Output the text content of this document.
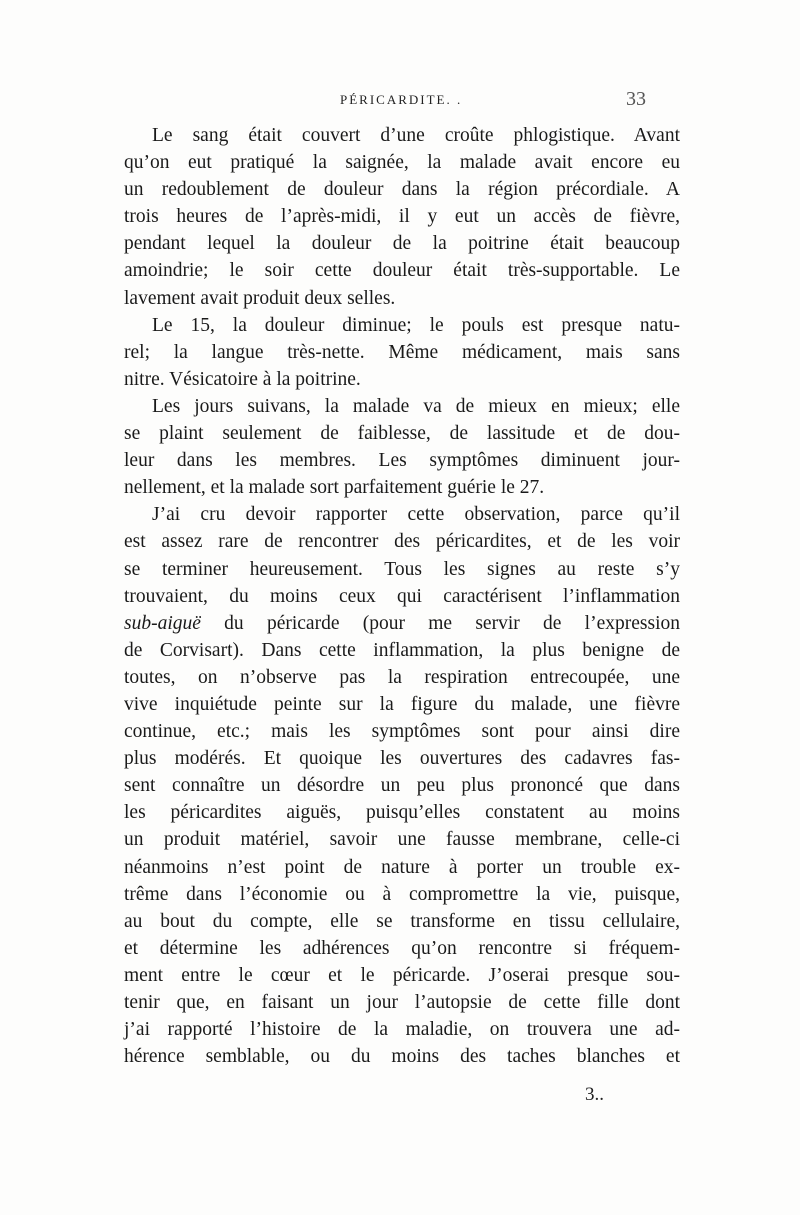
PÉRICARDITE. .	33
Le sang était couvert d’une croûte phlogistique. Avant
qu’on eut pratiqué la saignée, la malade avait encore eu
un redoublement de douleur dans la région précordiale. A
trois heures de l’après-midi, il y eut un accès de fièvre,
pendant lequel la douleur de la poitrine était beaucoup
amoindrie; le soir cette douleur était très-supportable. Le
lavement avait produit deux selles.
Le 15, la douleur diminue; le pouls est presque natu-
rel; la langue très-nette. Même médicament, mais sans
nitre. Vésicatoire à la poitrine.
Les jours suivans, la malade va de mieux en mieux; elle
se plaint seulement de faiblesse, de lassitude et de dou-
leur dans les membres. Les symptômes diminuent jour-
nellement, et la malade sort parfaitement guérie le 27.
J’ai cru devoir rapporter cette observation, parce qu’il
est assez rare de rencontrer des péricardites, et de les voir
se terminer heureusement. Tous les signes au reste s’y
trouvaient, du moins ceux qui caractérisent l’inflammation
sub-aiguë du péricarde (pour me servir de l’expression
de Corvisart). Dans cette inflammation, la plus benigne de
toutes, on n’observe pas la respiration entrecoupée, une
vive inquiétude peinte sur la figure du malade, une fièvre
continue, etc.; mais les symptômes sont pour ainsi dire
plus modérés. Et quoique les ouvertures des cadavres fas-
sent connaître un désordre un peu plus prononcé que dans
les péricardites aiguës, puisqu’elles constatent au moins
un produit matériel, savoir une fausse membrane, celle-ci
néanmoins n’est point de nature à porter un trouble ex-
trême dans l’économie ou à compromettre la vie, puisque,
au bout du compte, elle se transforme en tissu cellulaire,
et détermine les adhérences qu’on rencontre si fréquem-
ment entre le cœur et le péricarde. J’oserai presque sou-
tenir que, en faisant un jour l’autopsie de cette fille dont
j’ai rapporté l’histoire de la maladie, on trouvera une ad-
hérence semblable, ou du moins des taches blanches et
3..
